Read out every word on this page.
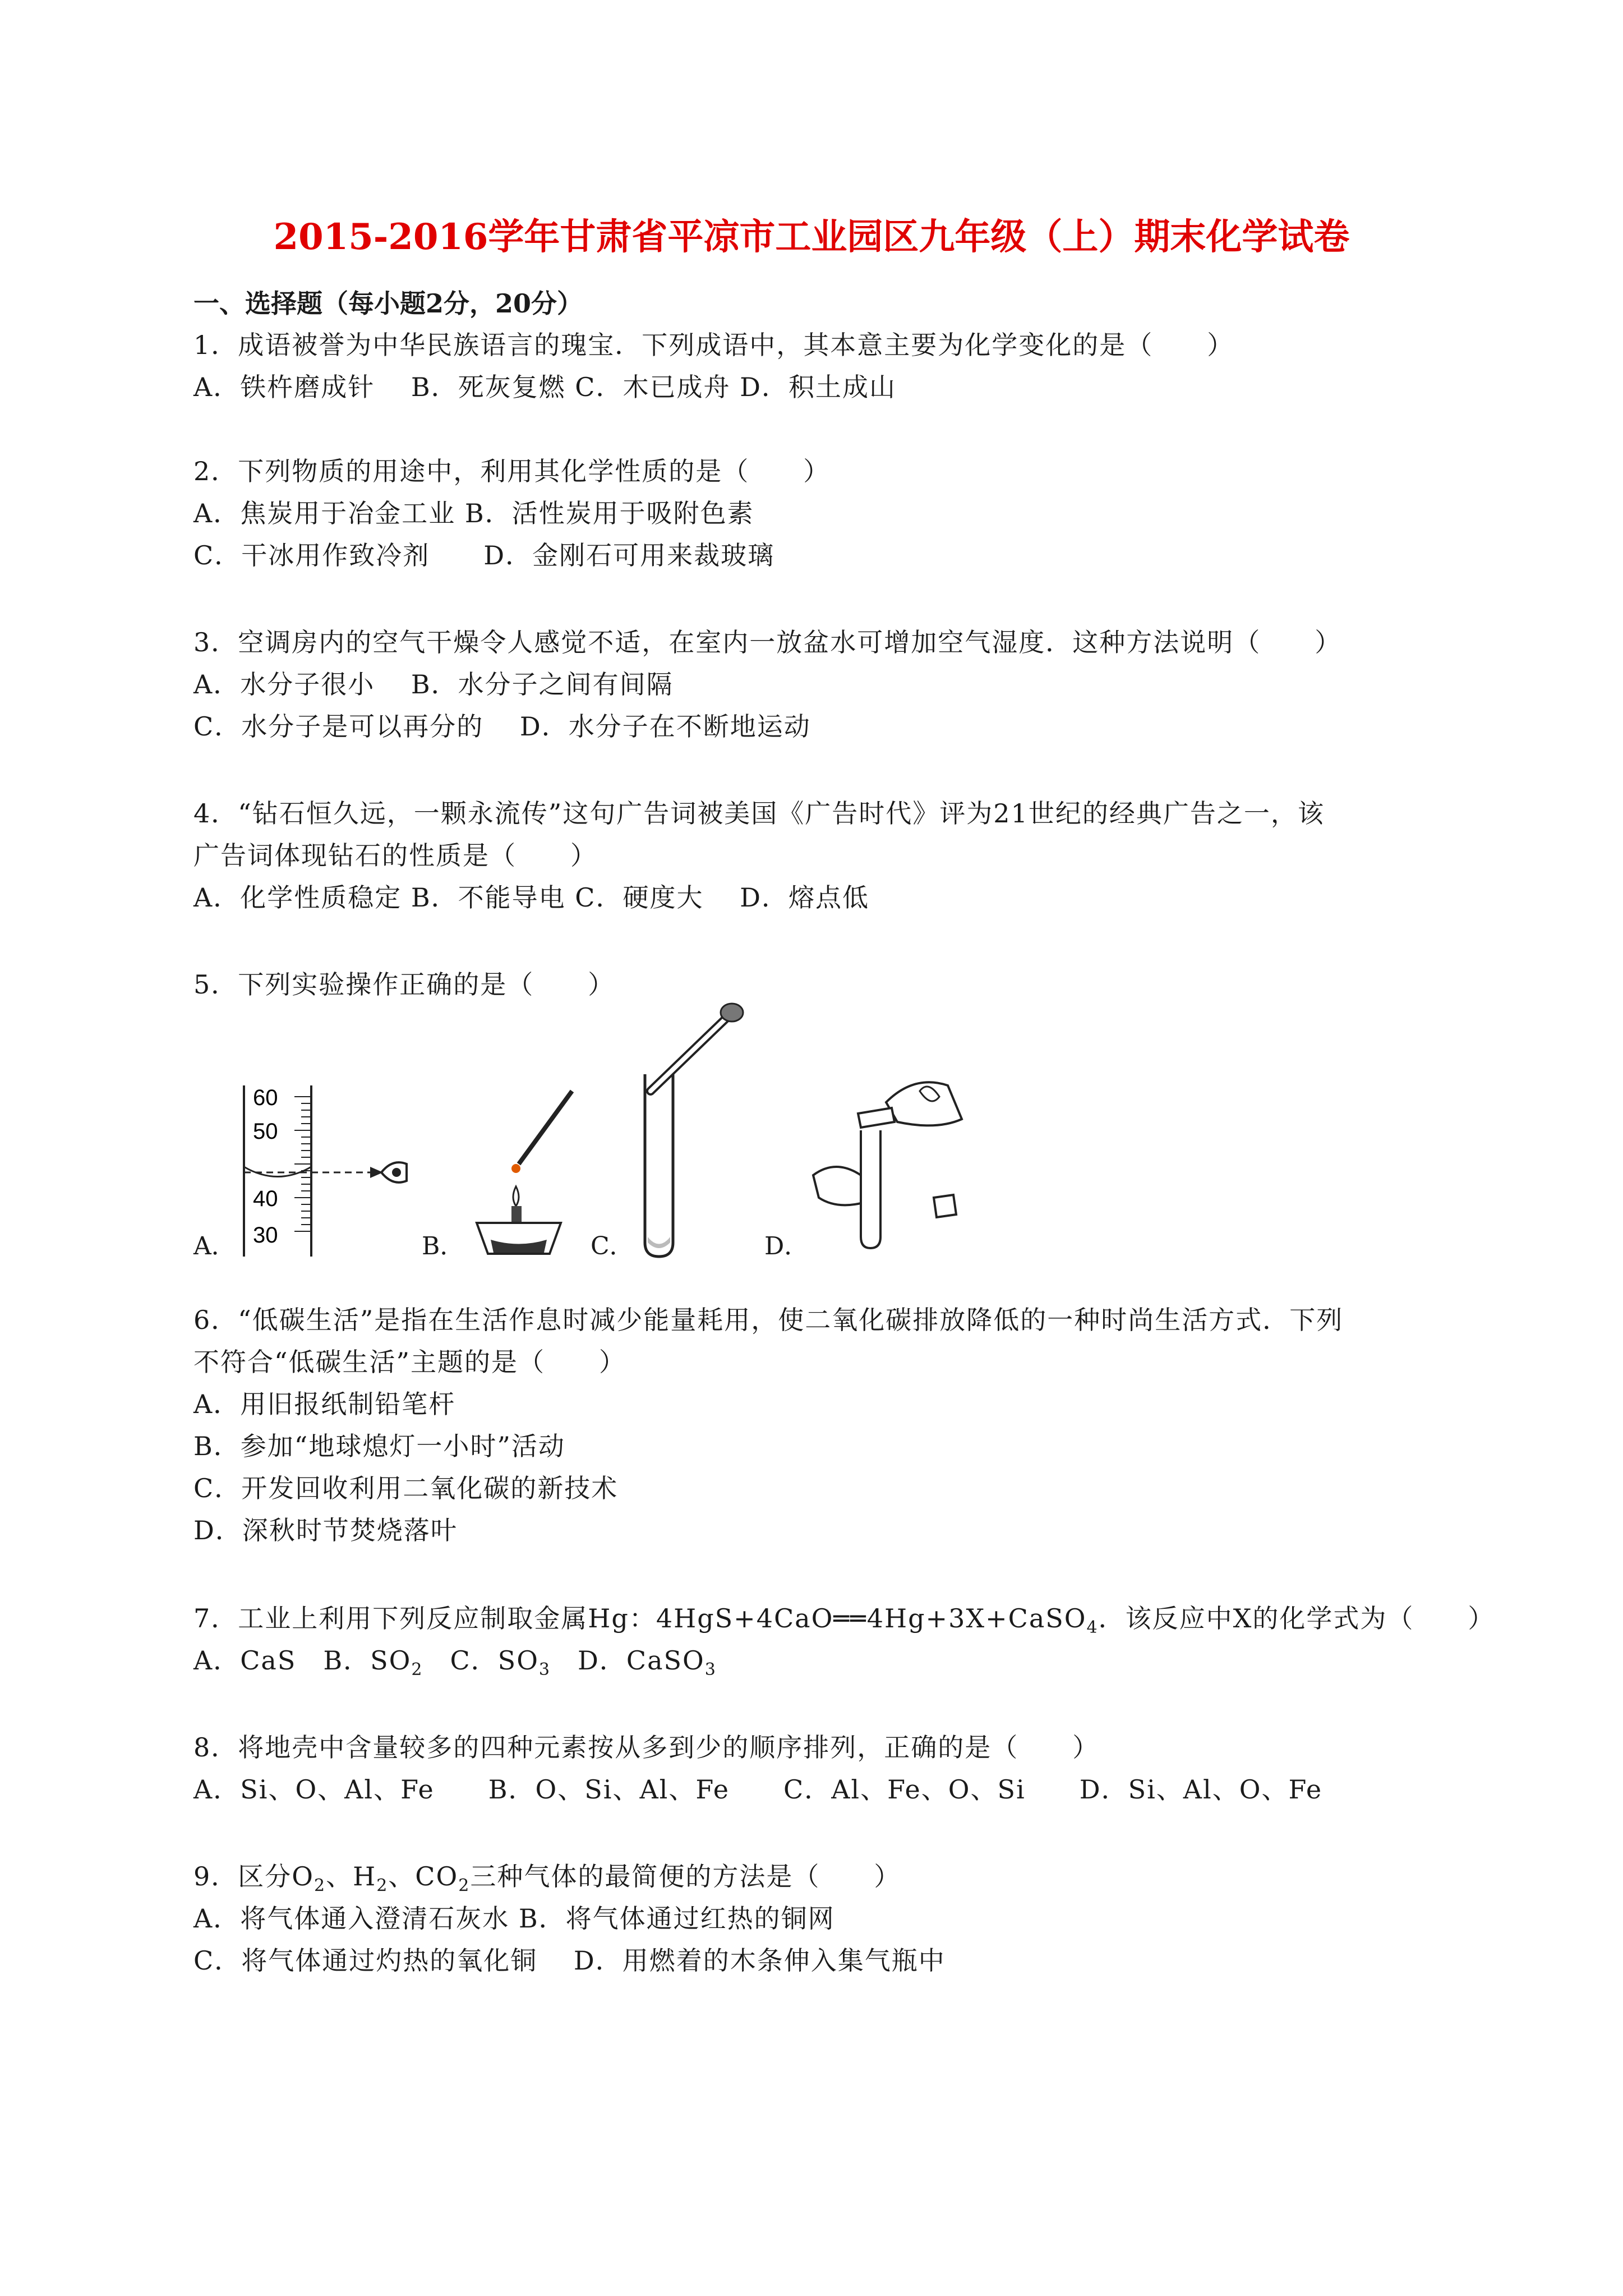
2015-2016学年甘肃省平凉市工业园区九年级（上）期末化学试卷
一、选择题（每小题2分，20分）
1．成语被誉为中华民族语言的瑰宝．下列成语中，其本意主要为化学变化的是（　　）
A．铁杵磨成针　 B．死灰复燃 C．木已成舟 D．积土成山
2．下列物质的用途中，利用其化学性质的是（　　）
A．焦炭用于冶金工业 B．活性炭用于吸附色素
C．干冰用作致冷剂　　D．金刚石可用来裁玻璃
3．空调房内的空气干燥令人感觉不适，在室内一放盆水可增加空气湿度．这种方法说明（　　）
A．水分子很小　 B．水分子之间有间隔
C．水分子是可以再分的　 D．水分子在不断地运动
4．“钻石恒久远，一颗永流传”这句广告词被美国《广告时代》评为21世纪的经典广告之一，该
广告词体现钻石的性质是（　　）
A．化学性质稳定 B．不能导电 C．硬度大　 D．熔点低
5．下列实验操作正确的是（　　）
A．
60
50
40
30	B．	C．	D．
6．“低碳生活”是指在生活作息时减少能量耗用，使二氧化碳排放降低的一种时尚生活方式．下列
不符合“低碳生活”主题的是（　　）
A．用旧报纸制铅笔杆
B．参加“地球熄灯一小时”活动
C．开发回收利用二氧化碳的新技术
D．深秋时节焚烧落叶
7．工业上利用下列反应制取金属Hg：4HgS+4CaO══4Hg+3X+CaSO$_4$．该反应中X的化学式为（　　）
A．CaS　B．$SO_2$　C．$SO_3$　D．CaSO$_3$
8．将地壳中含量较多的四种元素按从多到少的顺序排列，正确的是（　　）
A．Si、O、Al、Fe　　B．O、Si、Al、Fe　　C．Al、Fe、O、Si　　D．Si、Al、O、Fe
9．区分$O_2$、$H_2$、$CO_2$三种气体的最简便的方法是（　　）
A．将气体通入澄清石灰水 B．将气体通过红热的铜网
C．将气体通过灼热的氧化铜　 D．用燃着的木条伸入集气瓶中
